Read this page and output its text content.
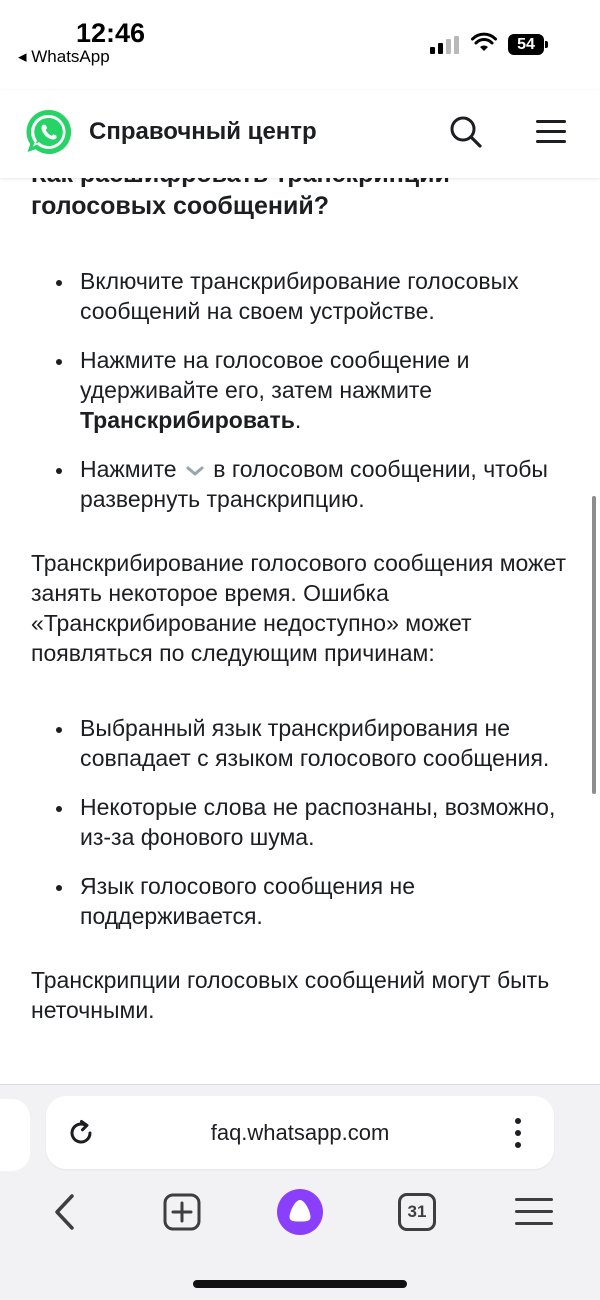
12:46
◂ WhatsApp
54
Справочный центр
голосовых сообщений?
Включите транскрибирование голосовых сообщений на своем устройстве.
Нажмите на голосовое сообщение и удерживайте его, затем нажмите Транскрибировать.
Нажмите в голосовом сообщении, чтобы развернуть транскрипцию.
Транскрибирование голосового сообщения может занять некоторое время. Ошибка «Транскрибирование недоступно» может появляться по следующим причинам:
Выбранный язык транскрибирования не совпадает с языком голосового сообщения.
Некоторые слова не распознаны, возможно, из-за фонового шума.
Язык голосового сообщения не поддерживается.
Транскрипции голосовых сообщений могут быть неточными.
faq.whatsapp.com
31
